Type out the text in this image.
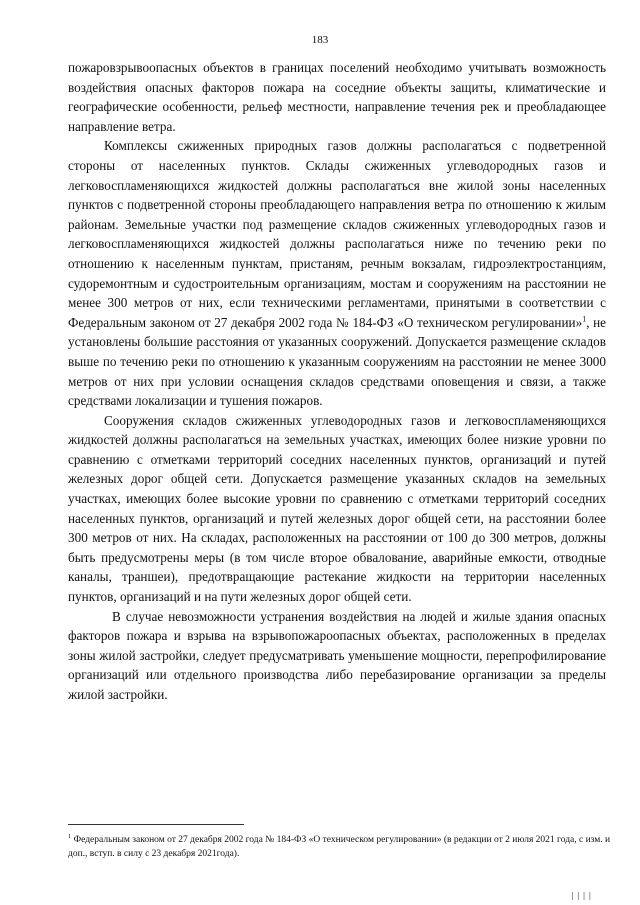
183

пожаровзрывоопасных объектов в границах поселений необходимо учитывать возможность воздействия опасных факторов пожара на соседние объекты защиты, климатические и географические особенности, рельеф местности, направление течения рек и преобладающее направление ветра.

Комплексы сжиженных природных газов должны располагаться с подветренной стороны от населенных пунктов. Склады сжиженных углеводородных газов и легковоспламеняющихся жидкостей должны располагаться вне жилой зоны населенных пунктов с подветренной стороны преобладающего направления ветра по отношению к жилым районам. Земельные участки под размещение складов сжиженных углеводородных газов и легковоспламеняющихся жидкостей должны располагаться ниже по течению реки по отношению к населенным пунктам, пристаням, речным вокзалам, гидроэлектростанциям, судоремонтным и судостроительным организациям, мостам и сооружениям на расстоянии не менее 300 метров от них, если техническими регламентами, принятыми в соответствии с Федеральным законом от 27 декабря 2002 года № 184-ФЗ «О техническом регулировании»$^1$, не установлены большие расстояния от указанных сооружений. Допускается размещение складов выше по течению реки по отношению к указанным сооружениям на расстоянии не менее 3000 метров от них при условии оснащения складов средствами оповещения и связи, а также средствами локализации и тушения пожаров.

Сооружения складов сжиженных углеводородных газов и легковоспламеняющихся жидкостей должны располагаться на земельных участках, имеющих более низкие уровни по сравнению с отметками территорий соседних населенных пунктов, организаций и путей железных дорог общей сети. Допускается размещение указанных складов на земельных участках, имеющих более высокие уровни по сравнению с отметками территорий соседних населенных пунктов, организаций и путей железных дорог общей сети, на расстоянии более 300 метров от них. На складах, расположенных на расстоянии от 100 до 300 метров, должны быть предусмотрены меры (в том числе второе обвалование, аварийные емкости, отводные каналы, траншеи), предотвращающие растекание жидкости на территории населенных пунктов, организаций и на пути железных дорог общей сети.

В случае невозможности устранения воздействия на людей и жилые здания опасных факторов пожара и взрыва на взрывопожароопасных объектах, расположенных в пределах зоны жилой застройки, следует предусматривать уменьшение мощности, перепрофилирование организаций или отдельного производства либо перебазирование организации за пределы жилой застройки.

$^1$ Федеральным законом от 27 декабря 2002 года № 184-ФЗ «О техническом регулировании» (в редакции от 2 июля 2021 года, с изм. и доп., вступ. в силу с 23 декабря 2021года).
||||
